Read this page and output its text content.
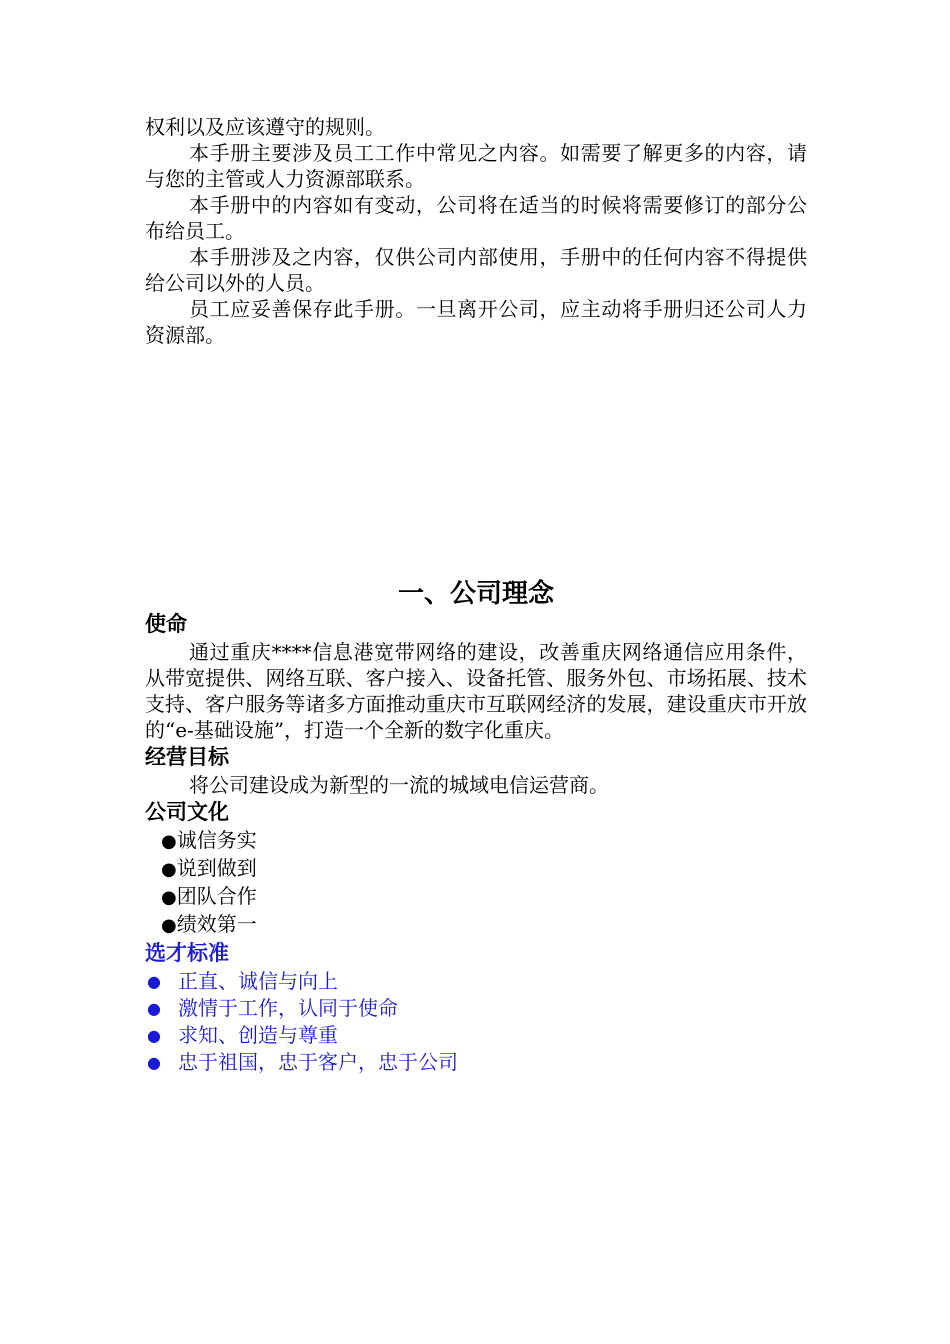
权利以及应该遵守的规则。

本手册主要涉及员工工作中常见之内容。如需要了解更多的内容，请与您的主管或人力资源部联系。

本手册中的内容如有变动，公司将在适当的时候将需要修订的部分公布给员工。

本手册涉及之内容，仅供公司内部使用，手册中的任何内容不得提供给公司以外的人员。

员工应妥善保存此手册。一旦离开公司，应主动将手册归还公司人力资源部。

一、公司理念
使命

通过重庆****信息港宽带网络的建设，改善重庆网络通信应用条件，从带宽提供、网络互联、客户接入、设备托管、服务外包、市场拓展、技术支持、客户服务等诸多方面推动重庆市互联网经济的发展，建设重庆市开放的“e-基础设施”，打造一个全新的数字化重庆。

经营目标

将公司建设成为新型的一流的城域电信运营商。

公司文化
●诚信务实
●说到做到
●团队合作
●绩效第一
选才标准
● 正直、诚信与向上
● 激情于工作，认同于使命
● 求知、创造与尊重
● 忠于祖国，忠于客户，忠于公司
